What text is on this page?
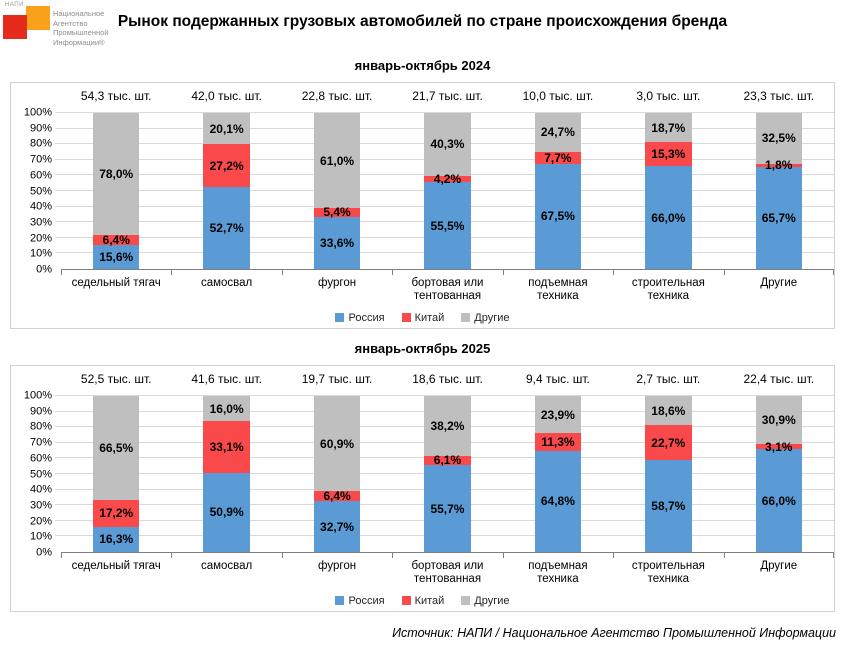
НАПИ
Национальное
Агентство
Промышленной
Информации®
Рынок подержанных грузовых автомобилей по стране происхождения бренда
январь-октябрь 2024
54,3 тыс. шт.	42,0 тыс. шт.	22,8 тыс. шт.	21,7 тыс. шт.	10,0 тыс. шт.	3,0 тыс. шт.	23,3 тыс. шт.
0%
10%
20%
30%
40%
50%
60%
70%
80%
90%
100%
15,6%
6,4%
78,0%
52,7%
27,2%
20,1%
33,6%
5,4%
61,0%
55,5%
4,2%
40,3%
67,5%
7,7%
24,7%
66,0%
15,3%
18,7%
65,7%
1,8%
32,5%
седельный тягач	самосвал	фургон	бортовая или тентованная
подъемная техника
строительная техника
Другие
Россия	Китай	Другие
январь-октябрь 2025
52,5 тыс. шт.	41,6 тыс. шт.	19,7 тыс. шт.	18,6 тыс. шт.	9,4 тыс. шт.	2,7 тыс. шт.	22,4 тыс. шт.
0%
10%
20%
30%
40%
50%
60%
70%
80%
90%
100%
16,3%
17,2%
66,5%
50,9%
33,1%
16,0%
32,7%
6,4%
60,9%
55,7%
6,1%
38,2%
64,8%
11,3%
23,9%
58,7%
22,7%
18,6%
66,0%
3,1%
30,9%
седельный тягач	самосвал	фургон	бортовая или тентованная
подъемная техника
строительная техника
Другие
Россия	Китай	Другие
Источник: НАПИ / Национальное Агентство Промышленной Информации
